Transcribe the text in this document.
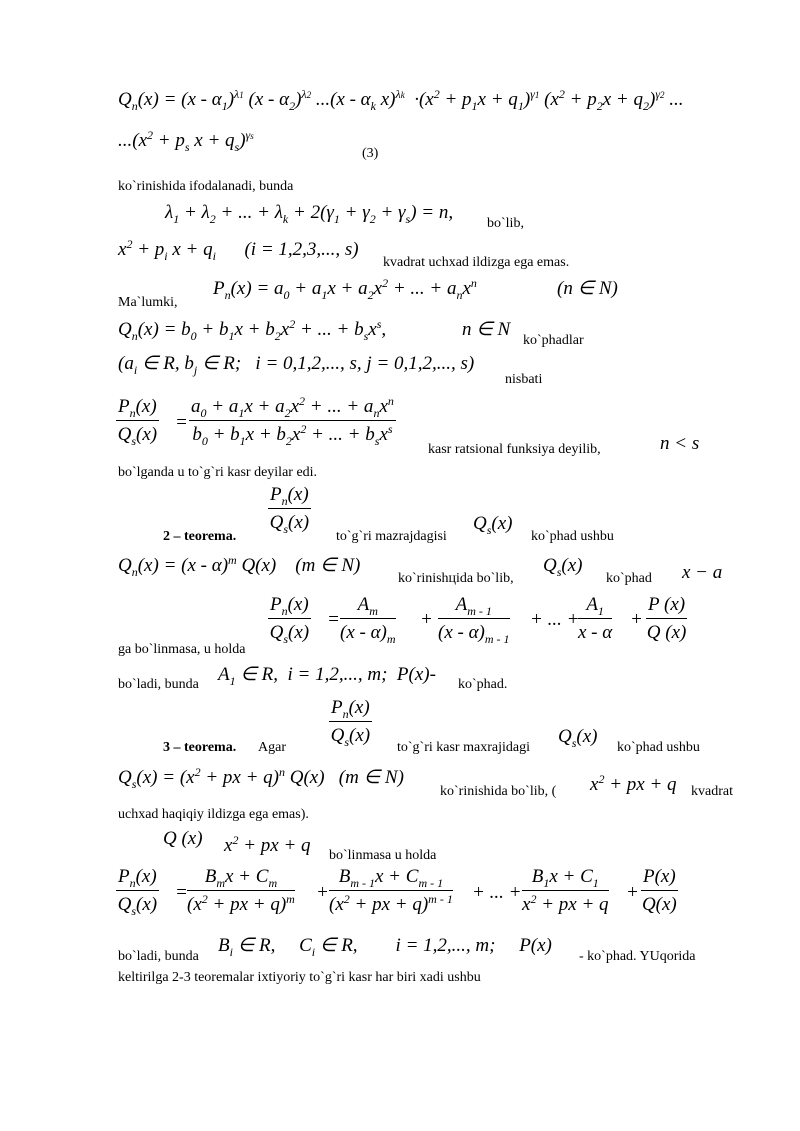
$Q_n(x) = (x - \alpha_1)^{\lambda 1}$ $(x - \alpha_2)^{\lambda 2}$ $...(x - \alpha_k$ $x)^{\lambda k} \cdot(x^2 + p_1x + q_1)^{\gamma 1}$ $(x^2 + p_2x + q_2)^{\gamma 2}$ ...
$...(x^2 + p_s$ $x + q_s)^{\gamma s}$
(3)
ko`rinishida ifodalanadi, bunda
$\lambda_1 + \lambda_2$ + ... + $\lambda_k + 2(\gamma_1 + \gamma_2 + \gamma_s) = n$,
bo`lib,
$x^2 + p_i$ $x + q_i$      (i = 1,2,3,..., s)
kvadrat uchxad ildizga ega emas.
Ma`lumki,
$P_n(x) = a_0 + a_1x + a_2x^2$ + ... + $a_nx^n$	(n ∈ N)
$Q_n(x) = b_0 + b_1x + b_2x^2$ + ... + $b_sx^s$,	n ∈ N
ko`phadlar
($a_i$ ∈ R, $b_j$ ∈ R;   i = 0,1,2,..., s, j = 0,1,2,..., s)
nisbati
$\frac{P_n(x)}{Q_s(x)}$ =
$a_0 + a_1x + a_2x^2$ + ... + $a_nx^n$
$b_0 + b_1x + b_2x^2$ + ... + $b_sx^s$
kasr ratsional funksiya deyilib,	n < s
bo`lganda u to`g`ri kasr deyilar edi.
$\frac{P_n(x)}{Q_s(x)}$
2 – teorema.	to`g`ri mazrajdagisi
$Q_s(x)$
ko`phad ushbu
$Q_n(x) = (x - \alpha)^m$ Q(x)    (m ∈ N)
ko`rinishцida bo`lib,
$Q_s(x)$
ko`phad x − a
$\frac{P_n(x)}{Q_s(x)} = \frac{A_m}{(x - \alpha)_m} + \frac{A_{m - 1}}{(x - \alpha)_{m - 1}}$ + ... +
$\frac{A_1}{x - \alpha} + \frac{P (x)}{Q (x)}$
ga bo`linmasa, u holda
bo`ladi, bunda $A_1$ ∈ R,  i = 1,2,..., m;  P(x)- ko`phad.
$\frac{P_n(x)}{Q_s(x)}$
3 – teorema. Agar	to`g`ri kasr maxrajidagi
$Q_s(x)$
ko`phad ushbu
$Q_s(x) = (x^2$ + px + q)$^n$ Q(x)   (m ∈ N)
ko`rinishida bo`lib, ( $x^2$ + px + q kvadrat
uchxad haqiqiy ildizga ega emas).
Q (x) $x^2$ + px + q bo`linmasa u holda
$\frac{P_n(x)}{Q_s(x)}$ =
$B_mx + C_m$
($x^2$ + px + $q)^m + \frac{B_{m - 1}x + C_{m - 1}}{(x^2 + px + q)^{m - 1}}$ + ... + $\frac{B_1x + C_1}{x^2 + px + q} + \frac{P(x)}{Q(x)}$
bo`ladi, bunda
$B_i$ ∈ R,     $C_i$ ∈ R,        i = 1,2,..., m;     P(x)
- ko`phad. YUqorida
keltirilga 2-3 teoremalar ixtiyoriy to`g`ri kasr har biri xadi ushbu
